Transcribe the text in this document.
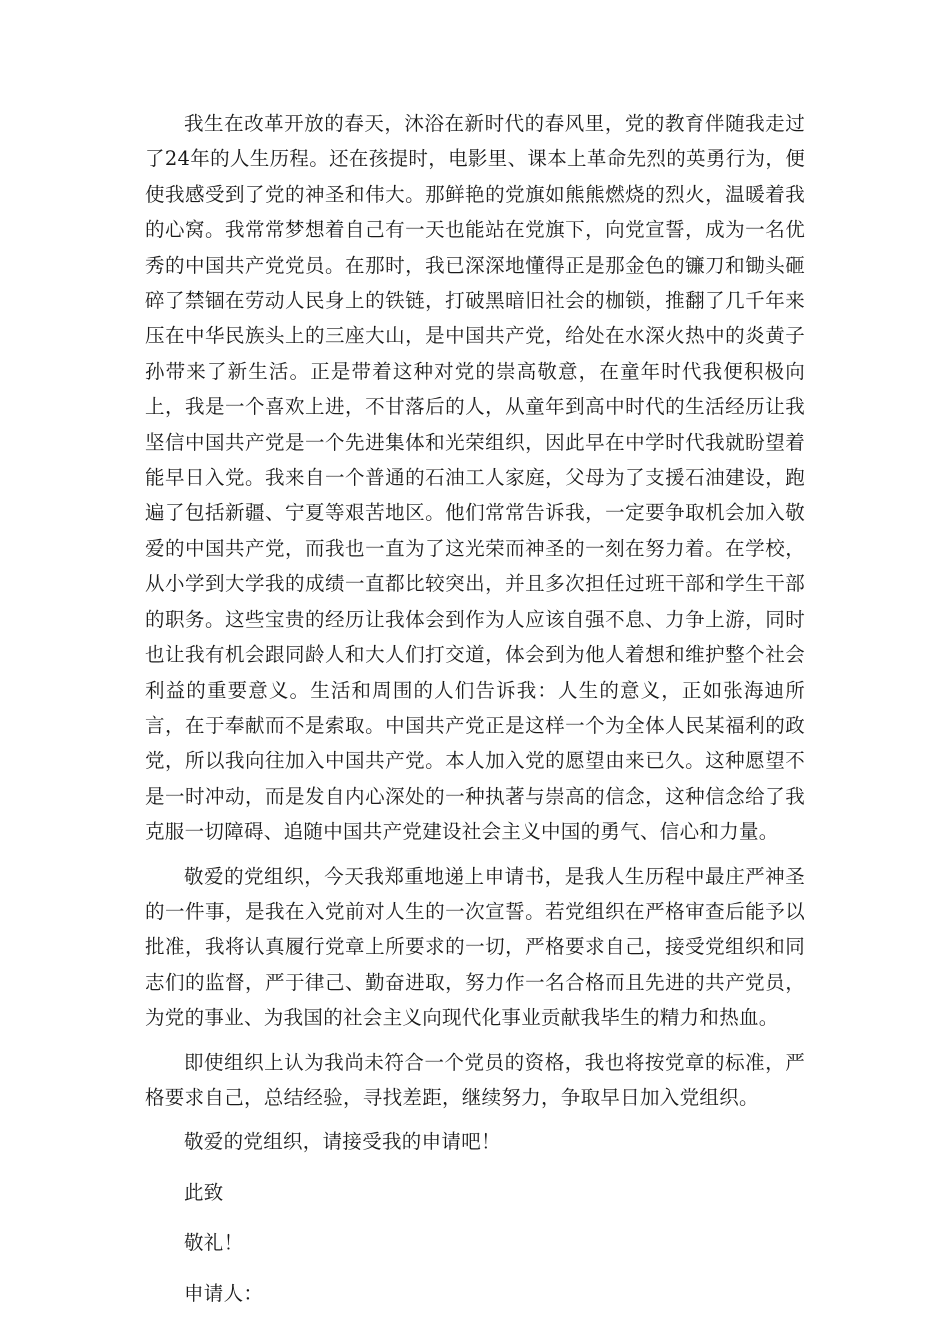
我生在改革开放的春天，沐浴在新时代的春风里，党的教育伴随我走过了24年的人生历程。还在孩提时，电影里、课本上革命先烈的英勇行为，便使我感受到了党的神圣和伟大。那鲜艳的党旗如熊熊燃烧的烈火，温暖着我的心窝。我常常梦想着自己有一天也能站在党旗下，向党宣誓，成为一名优秀的中国共产党党员。在那时，我已深深地懂得正是那金色的镰刀和锄头砸碎了禁锢在劳动人民身上的铁链，打破黑暗旧社会的枷锁，推翻了几千年来压在中华民族头上的三座大山，是中国共产党，给处在水深火热中的炎黄子孙带来了新生活。正是带着这种对党的崇高敬意，在童年时代我便积极向上，我是一个喜欢上进，不甘落后的人，从童年到高中时代的生活经历让我坚信中国共产党是一个先进集体和光荣组织，因此早在中学时代我就盼望着能早日入党。我来自一个普通的石油工人家庭，父母为了支援石油建设，跑遍了包括新疆、宁夏等艰苦地区。他们常常告诉我，一定要争取机会加入敬爱的中国共产党，而我也一直为了这光荣而神圣的一刻在努力着。在学校，从小学到大学我的成绩一直都比较突出，并且多次担任过班干部和学生干部的职务。这些宝贵的经历让我体会到作为人应该自强不息、力争上游，同时也让我有机会跟同龄人和大人们打交道，体会到为他人着想和维护整个社会利益的重要意义。生活和周围的人们告诉我：人生的意义，正如张海迪所言，在于奉献而不是索取。中国共产党正是这样一个为全体人民某福利的政党，所以我向往加入中国共产党。本人加入党的愿望由来已久。这种愿望不是一时冲动，而是发自内心深处的一种执著与崇高的信念，这种信念给了我克服一切障碍、追随中国共产党建设社会主义中国的勇气、信心和力量。

敬爱的党组织，今天我郑重地递上申请书，是我人生历程中最庄严神圣的一件事，是我在入党前对人生的一次宣誓。若党组织在严格审查后能予以批准，我将认真履行党章上所要求的一切，严格要求自己，接受党组织和同志们的监督，严于律己、勤奋进取，努力作一名合格而且先进的共产党员，为党的事业、为我国的社会主义向现代化事业贡献我毕生的精力和热血。

即使组织上认为我尚未符合一个党员的资格，我也将按党章的标准，严格要求自己，总结经验，寻找差距，继续努力，争取早日加入党组织。

敬爱的党组织，请接受我的申请吧！

此致

敬礼！

申请人：
